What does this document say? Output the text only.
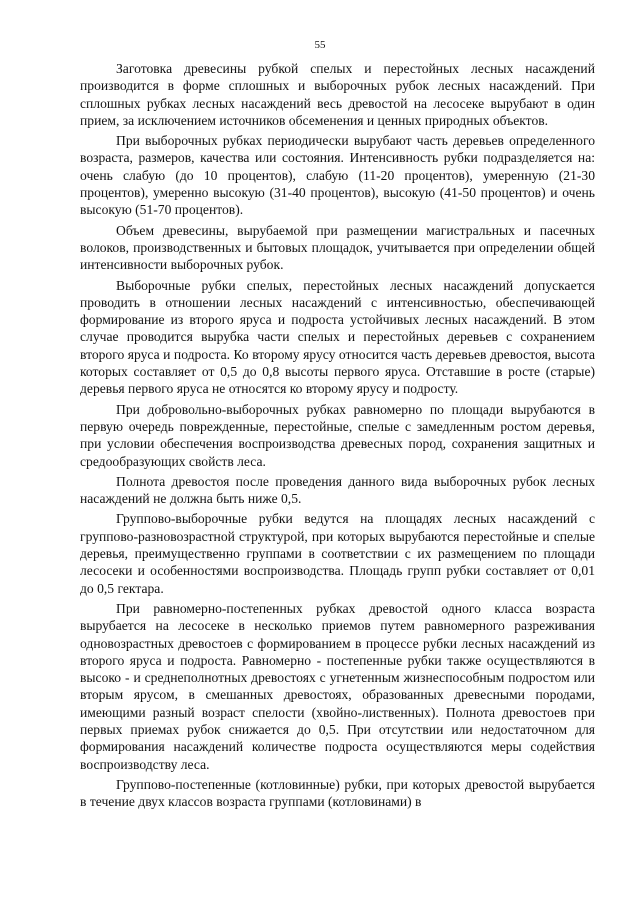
55

Заготовка древесины рубкой спелых и перестойных лесных насаждений производится в форме сплошных и выборочных рубок лесных насаждений. При сплошных рубках лесных насаждений весь древостой на лесосеке вырубают в один прием, за исключением источников обсеменения и ценных природных объектов.

При выборочных рубках периодически вырубают часть деревьев определенного возраста, размеров, качества или состояния. Интенсивность рубки подразделяется на: очень слабую (до 10 процентов), слабую (11-20 процентов), умеренную (21-30 процентов), умеренно высокую (31-40 процентов), высокую (41-50 процентов) и очень высокую (51-70 процентов).

Объем древесины, вырубаемой при размещении магистральных и пасечных волоков, производственных и бытовых площадок, учитывается при определении общей интенсивности выборочных рубок.

Выборочные рубки спелых, перестойных лесных насаждений допускается проводить в отношении лесных насаждений с интенсивностью, обеспечивающей формирование из второго яруса и подроста устойчивых лесных насаждений. В этом случае проводится вырубка части спелых и перестойных деревьев с сохранением второго яруса и подроста. Ко второму ярусу относится часть деревьев древостоя, высота которых составляет от 0,5 до 0,8 высоты первого яруса. Отставшие в росте (старые) деревья первого яруса не относятся ко второму ярусу и подросту.

При добровольно-выборочных рубках равномерно по площади вырубаются в первую очередь поврежденные, перестойные, спелые с замедленным ростом деревья, при условии обеспечения воспроизводства древесных пород, сохранения защитных и средообразующих свойств леса.

Полнота древостоя после проведения данного вида выборочных рубок лесных насаждений не должна быть ниже 0,5.

Группово-выборочные рубки ведутся на площадях лесных насаждений с группово-разновозрастной структурой, при которых вырубаются перестойные и спелые деревья, преимущественно группами в соответствии с их размещением по площади лесосеки и особенностями воспроизводства. Площадь групп рубки составляет от 0,01 до 0,5 гектара.

При равномерно-постепенных рубках древостой одного класса возраста вырубается на лесосеке в несколько приемов путем равномерного разреживания одновозрастных древостоев с формированием в процессе рубки лесных насаждений из второго яруса и подроста. Равномерно - постепенные рубки также осуществляются в высоко - и среднеполнотных древостоях с угнетенным жизнеспособным подростом или вторым ярусом, в смешанных древостоях, образованных древесными породами, имеющими разный возраст спелости (хвойно-лиственных). Полнота древостоев при первых приемах рубок снижается до 0,5. При отсутствии или недостаточном для формирования насаждений количестве подроста осуществляются меры содействия воспроизводству леса.

Группово-постепенные (котловинные) рубки, при которых древостой вырубается в течение двух классов возраста группами (котловинами) в
